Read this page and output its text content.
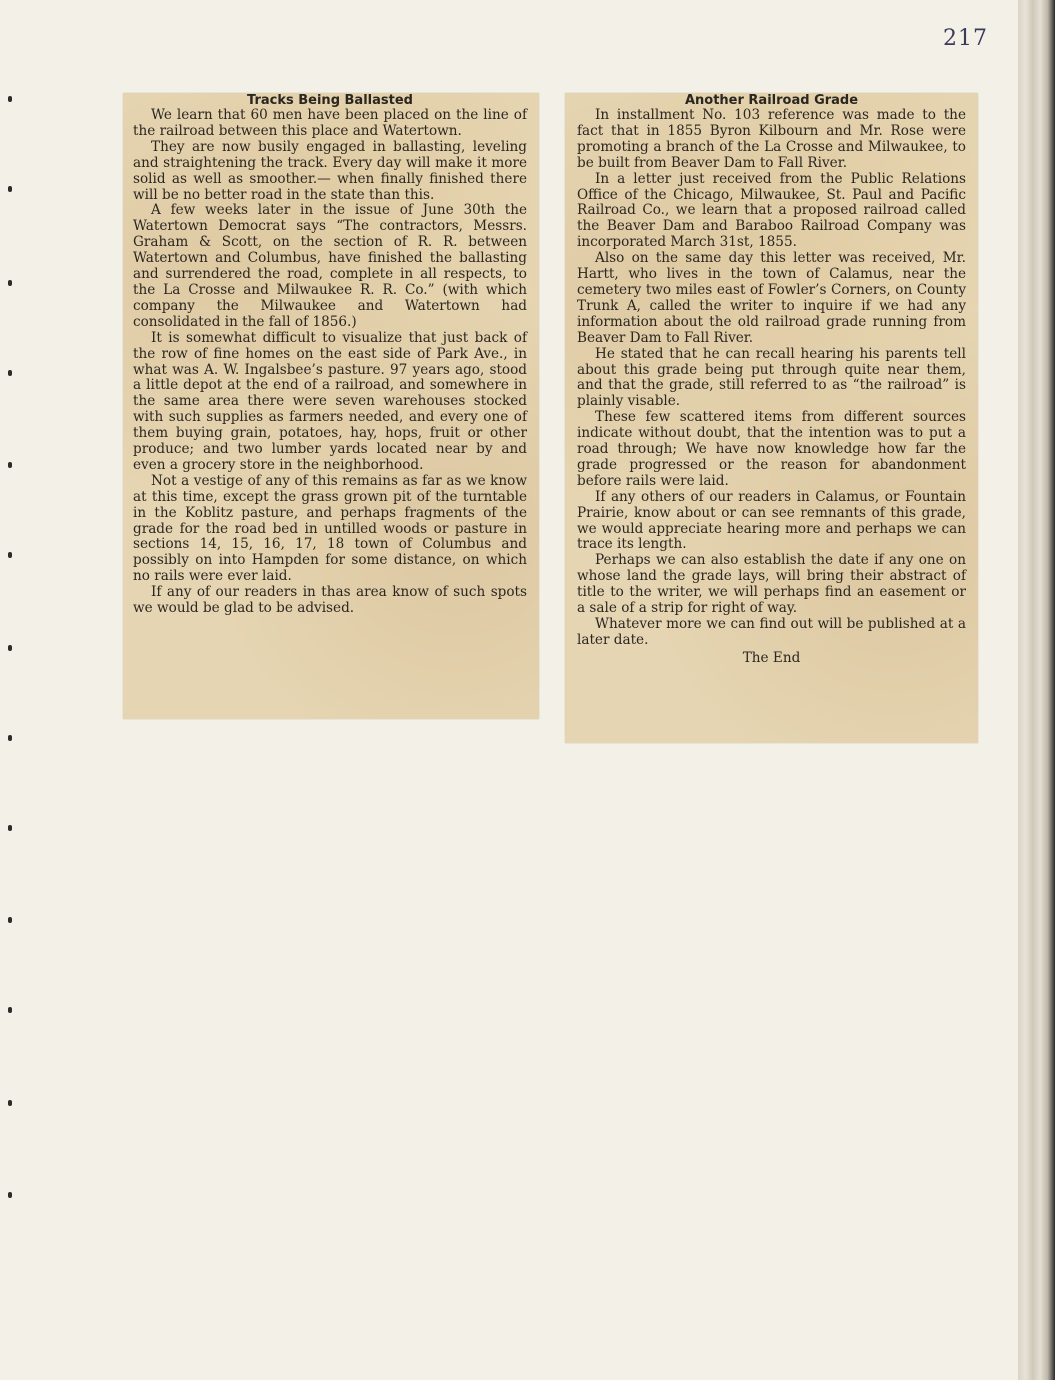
217

Tracks Being Ballasted

We learn that 60 men have been placed on the line of the railroad between this place and Watertown.

They are now busily engaged in ballasting, leveling and straightening the track. Every day will make it more solid as well as smoother.— when finally finished there will be no better road in the state than this.

A few weeks later in the issue of June 30th the Watertown Democrat says “The contractors, Messrs. Graham & Scott, on the section of R. R. between Watertown and Columbus, have finished the ballasting and surrendered the road, complete in all respects, to the La Crosse and Milwaukee R. R. Co.” (with which company the Milwaukee and Watertown had consolidated in the fall of 1856.)

It is somewhat difficult to visualize that just back of the row of fine homes on the east side of Park Ave., in what was A. W. Ingalsbee’s pasture. 97 years ago, stood a little depot at the end of a railroad, and somewhere in the same area there were seven warehouses stocked with such supplies as farmers needed, and every one of them buying grain, potatoes, hay, hops, fruit or other produce; and two lumber yards located near by and even a grocery store in the neighborhood.

Not a vestige of any of this remains as far as we know at this time, except the grass grown pit of the turntable in the Koblitz pasture, and perhaps fragments of the grade for the road bed in untilled woods or pasture in sections 14, 15, 16, 17, 18 town of Columbus and possibly on into Hampden for some distance, on which no rails were ever laid.

If any of our readers in thas area know of such spots we would be glad to be advised.

Another Railroad Grade

In installment No. 103 reference was made to the fact that in 1855 Byron Kilbourn and Mr. Rose were promoting a branch of the La Crosse and Milwaukee, to be built from Beaver Dam to Fall River.

In a letter just received from the Public Relations Office of the Chicago, Milwaukee, St. Paul and Pacific Railroad Co., we learn that a proposed railroad called the Beaver Dam and Baraboo Railroad Company was incorporated March 31st, 1855.

Also on the same day this letter was received, Mr. Hartt, who lives in the town of Calamus, near the cemetery two miles east of Fowler’s Corners, on County Trunk A, called the writer to inquire if we had any information about the old railroad grade running from Beaver Dam to Fall River.

He stated that he can recall hearing his parents tell about this grade being put through quite near them, and that the grade, still referred to as “the railroad” is plainly visable.

These few scattered items from different sources indicate without doubt, that the intention was to put a road through; We have now knowledge how far the grade progressed or the reason for abandonment before rails were laid.

If any others of our readers in Calamus, or Fountain Prairie, know about or can see remnants of this grade, we would appreciate hearing more and perhaps we can trace its length.

Perhaps we can also establish the date if any one on whose land the grade lays, will bring their abstract of title to the writer, we will perhaps find an easement or a sale of a strip for right of way.

Whatever more we can find out will be published at a later date.

The End
